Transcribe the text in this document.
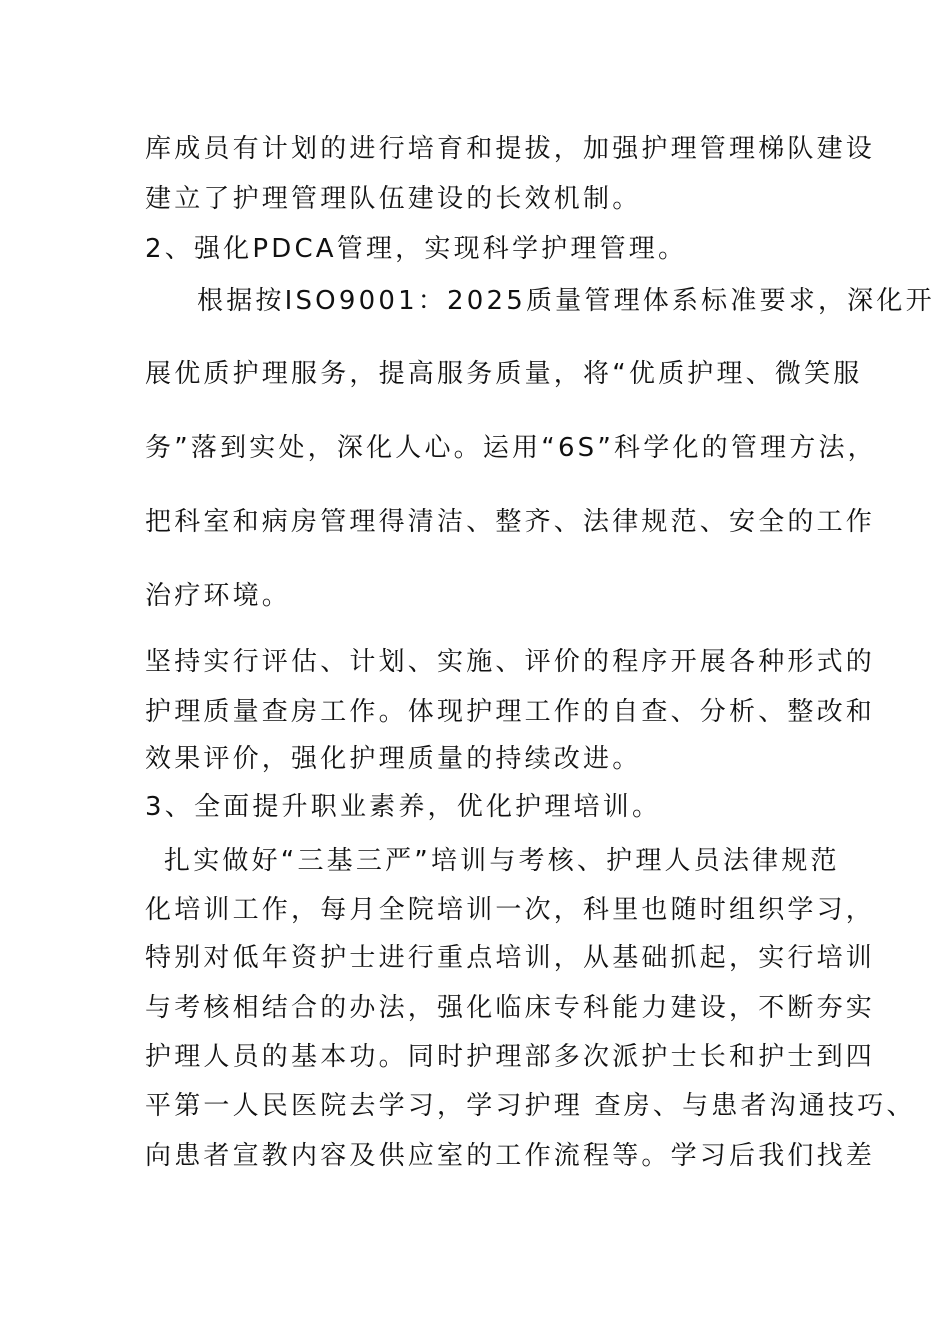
库成员有计划的进行培育和提拔，加强护理管理梯队建设
建立了护理管理队伍建设的长效机制。
2、强化PDCA管理，实现科学护理管理。
根据按ISO9001：2025质量管理体系标准要求，深化开
展优质护理服务，提高服务质量，将“优质护理、微笑服
务”落到实处，深化人心。运用“6S”科学化的管理方法，
把科室和病房管理得清洁、整齐、法律规范、安全的工作
治疗环境。
坚持实行评估、计划、实施、评价的程序开展各种形式的
护理质量查房工作。体现护理工作的自查、分析、整改和
效果评价，强化护理质量的持续改进。
3、全面提升职业素养，优化护理培训。
扎实做好“三基三严”培训与考核、护理人员法律规范
化培训工作，每月全院培训一次，科里也随时组织学习，
特别对低年资护士进行重点培训，从基础抓起，实行培训
与考核相结合的办法，强化临床专科能力建设，不断夯实
护理人员的基本功。同时护理部多次派护士长和护士到四
平第一人民医院去学习，学习护理 查房、与患者沟通技巧、
向患者宣教内容及供应室的工作流程等。学习后我们找差
